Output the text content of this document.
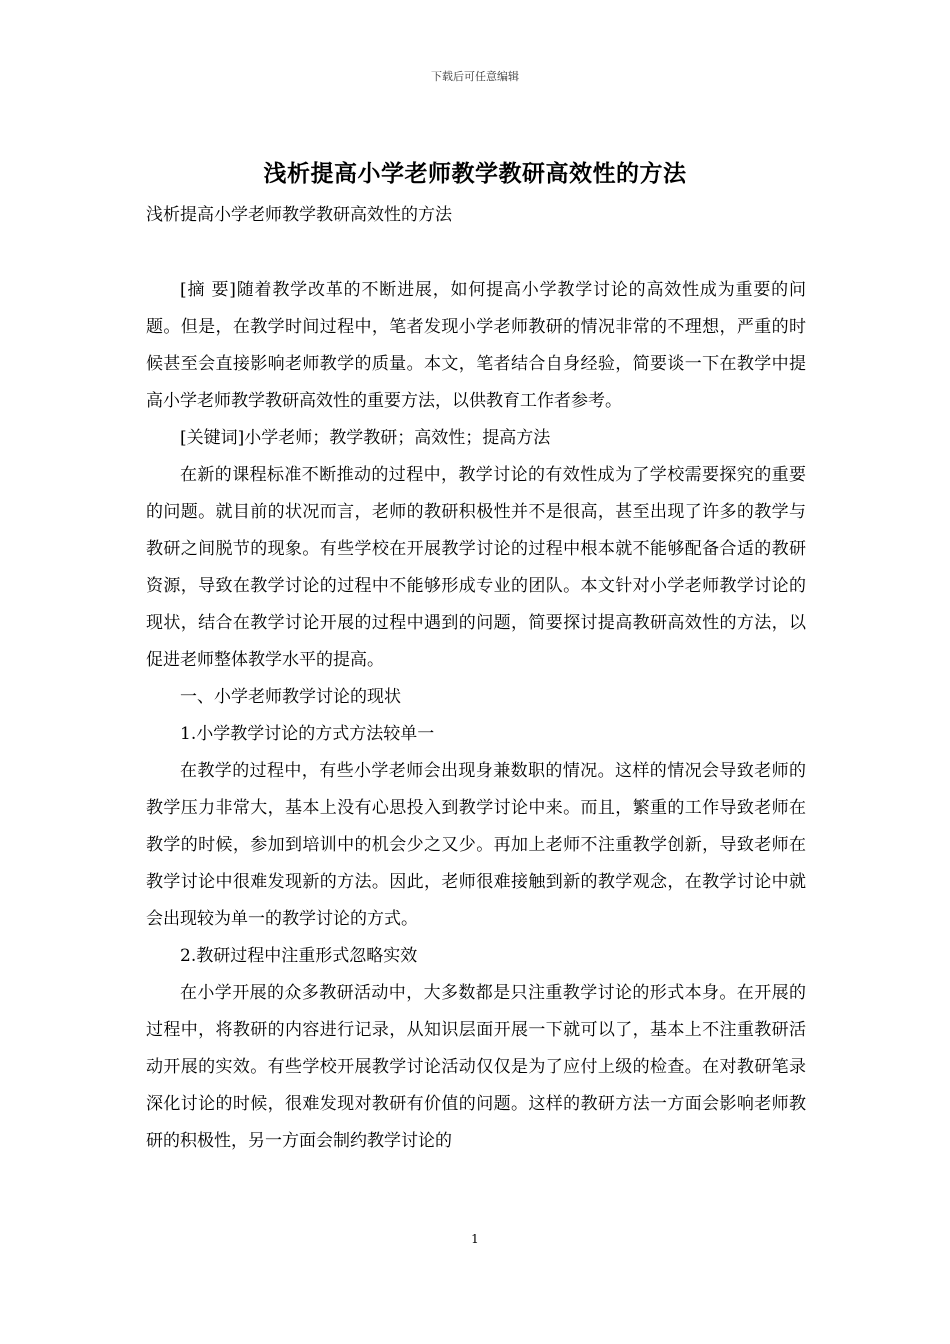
下载后可任意编辑
浅析提高小学老师教学教研高效性的方法
浅析提高小学老师教学教研高效性的方法

[摘 要]随着教学改革的不断进展，如何提高小学教学讨论的高效性成为重要的问题。但是，在教学时间过程中，笔者发现小学老师教研的情况非常的不理想，严重的时候甚至会直接影响老师教学的质量。本文，笔者结合自身经验，简要谈一下在教学中提高小学老师教学教研高效性的重要方法，以供教育工作者参考。

[关键词]小学老师；教学教研；高效性；提高方法

在新的课程标准不断推动的过程中，教学讨论的有效性成为了学校需要探究的重要的问题。就目前的状况而言，老师的教研积极性并不是很高，甚至出现了许多的教学与教研之间脱节的现象。有些学校在开展教学讨论的过程中根本就不能够配备合适的教研资源，导致在教学讨论的过程中不能够形成专业的团队。本文针对小学老师教学讨论的现状，结合在教学讨论开展的过程中遇到的问题，简要探讨提高教研高效性的方法，以促进老师整体教学水平的提高。

一、小学老师教学讨论的现状

1.小学教学讨论的方式方法较单一

在教学的过程中，有些小学老师会出现身兼数职的情况。这样的情况会导致老师的教学压力非常大，基本上没有心思投入到教学讨论中来。而且，繁重的工作导致老师在教学的时候，参加到培训中的机会少之又少。再加上老师不注重教学创新，导致老师在教学讨论中很难发现新的方法。因此，老师很难接触到新的教学观念，在教学讨论中就会出现较为单一的教学讨论的方式。

2.教研过程中注重形式忽略实效

在小学开展的众多教研活动中，大多数都是只注重教学讨论的形式本身。在开展的过程中，将教研的内容进行记录，从知识层面开展一下就可以了，基本上不注重教研活动开展的实效。有些学校开展教学讨论活动仅仅是为了应付上级的检查。在对教研笔录深化讨论的时候，很难发现对教研有价值的问题。这样的教研方法一方面会影响老师教研的积极性，另一方面会制约教学讨论的

1
